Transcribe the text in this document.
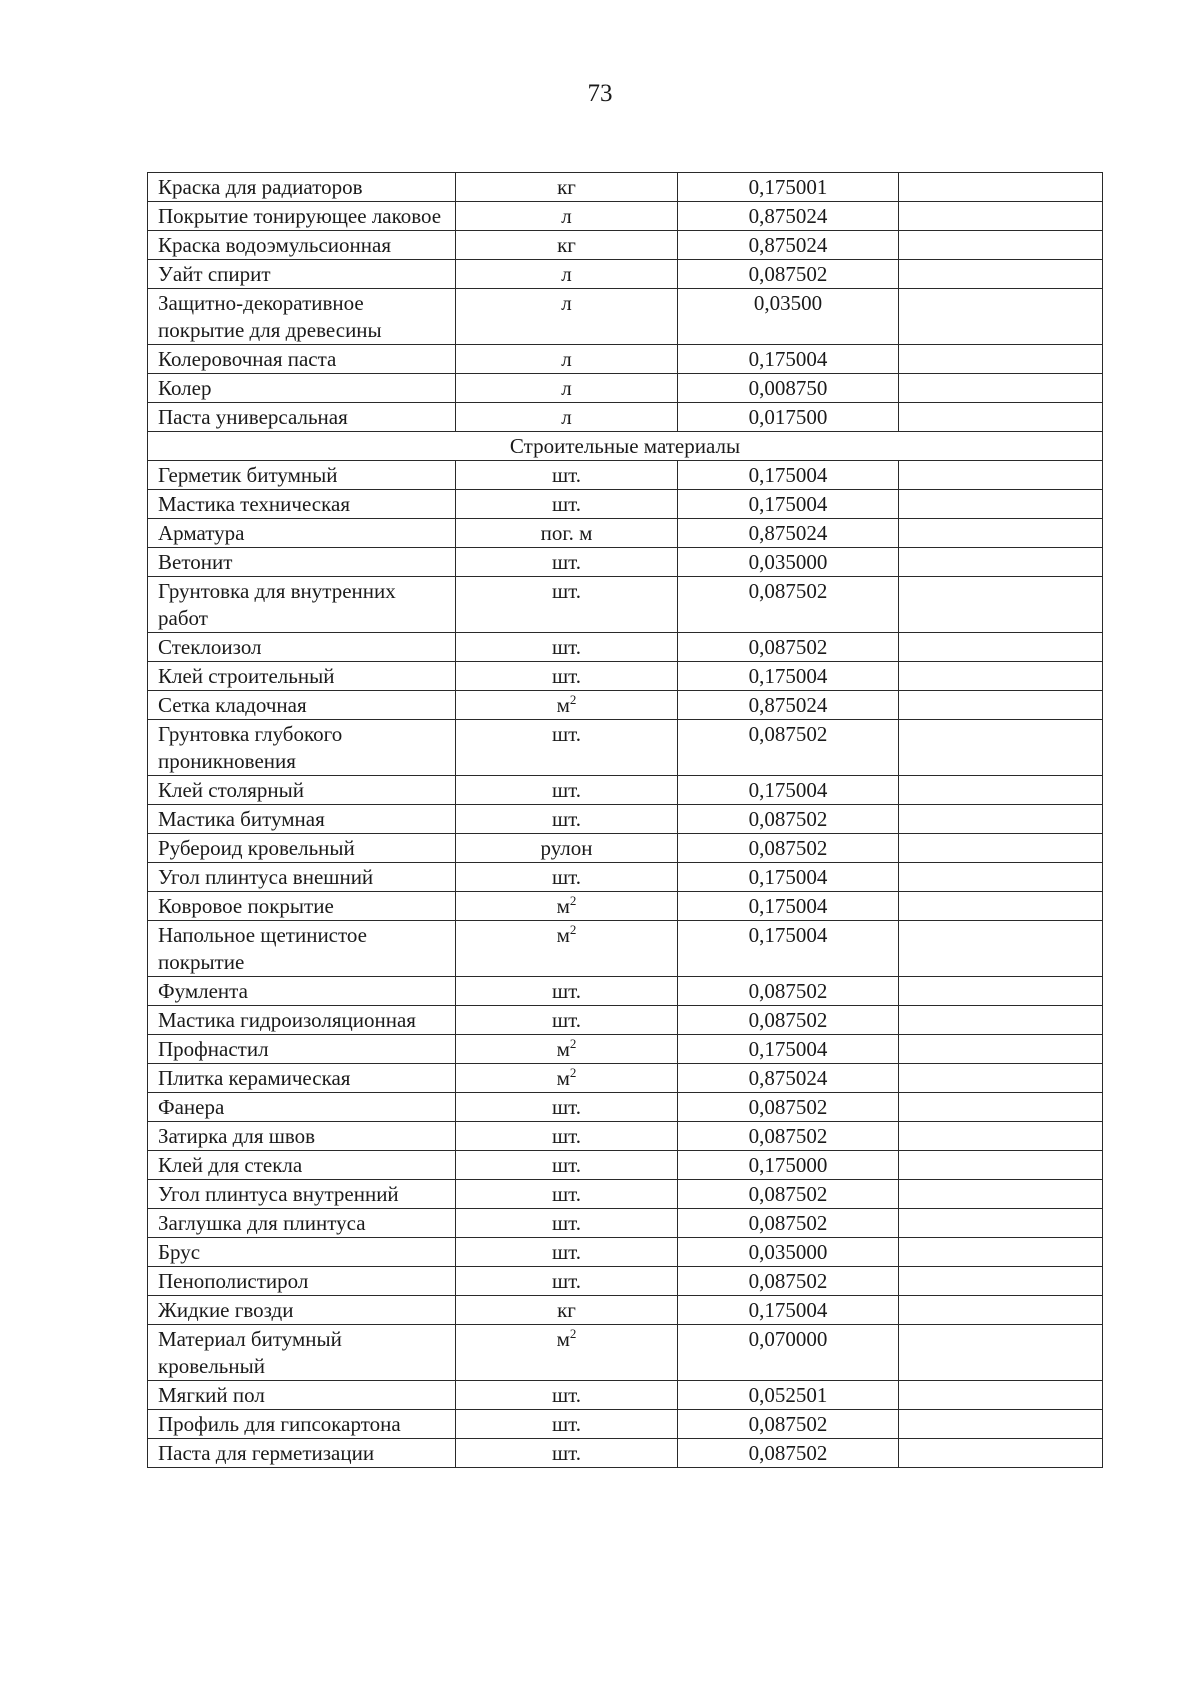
73
Краска для радиаторов	кг	0,175001	
Покрытие тонирующее лаковое	л	0,875024	
Краска водоэмульсионная	кг	0,875024	
Уайт спирит	л	0,087502	
Защитно-декоративное покрытие для древесины	л	0,03500	
Колеровочная паста	л	0,175004	
Колер	л	0,008750	
Паста универсальная	л	0,017500	
Строительные материалы			
Герметик битумный	шт.	0,175004	
Мастика техническая	шт.	0,175004	
Арматура	пог. м	0,875024	
Ветонит	шт.	0,035000	
Грунтовка для внутренних работ	шт.	0,087502	
Стеклоизол	шт.	0,087502	
Клей строительный	шт.	0,175004	
Сетка кладочная	$м^2$	0,875024	
Грунтовка глубокого проникновения	шт.	0,087502	
Клей столярный	шт.	0,175004	
Мастика битумная	шт.	0,087502	
Рубероид кровельный	рулон	0,087502	
Угол плинтуса внешний	шт.	0,175004	
Ковровое покрытие	$м^2$	0,175004	
Напольное щетинистое покрытие	$м^2$	0,175004	
Фумлента	шт.	0,087502	
Мастика гидроизоляционная	шт.	0,087502	
Профнастил	$м^2$	0,175004	
Плитка керамическая	$м^2$	0,875024	
Фанера	шт.	0,087502	
Затирка для швов	шт.	0,087502	
Клей для стекла	шт.	0,175000	
Угол плинтуса внутренний	шт.	0,087502	
Заглушка для плинтуса	шт.	0,087502	
Брус	шт.	0,035000	
Пенополистирол	шт.	0,087502	
Жидкие гвозди	кг	0,175004	
Материал битумный кровельный	$м^2$	0,070000	
Мягкий пол	шт.	0,052501	
Профиль для гипсокартона	шт.	0,087502	
Паста для герметизации	шт.	0,087502	
